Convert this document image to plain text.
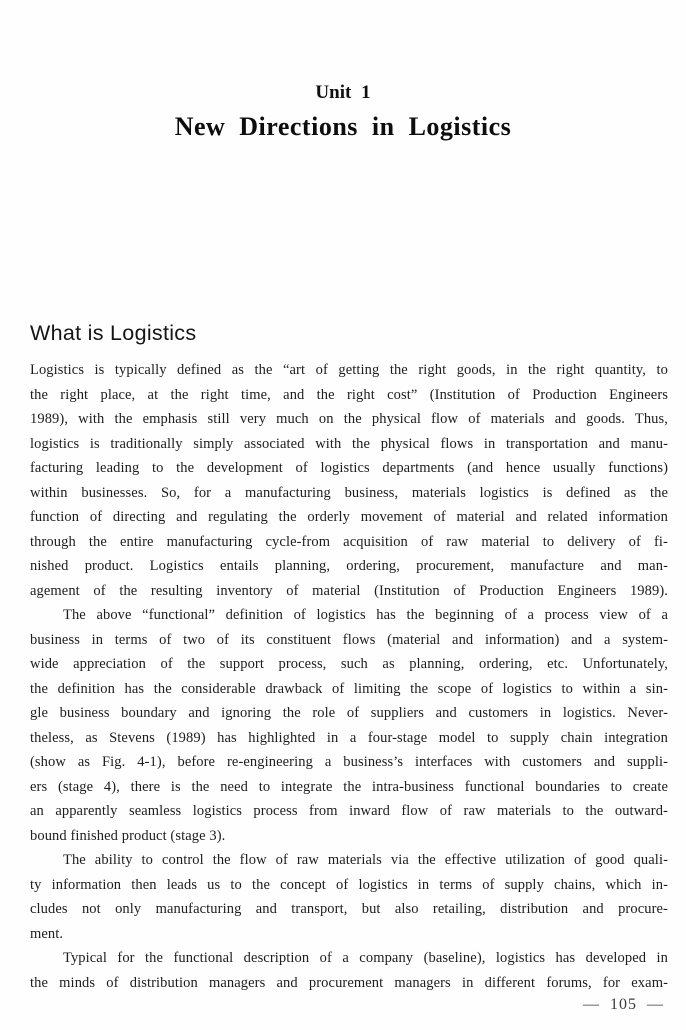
Unit 1
New Directions in Logistics
What is Logistics
Logistics is typically defined as the “art of getting the right goods, in the right quantity, to
the right place, at the right time, and the right cost” (Institution of Production Engineers
1989), with the emphasis still very much on the physical flow of materials and goods. Thus,
logistics is traditionally simply associated with the physical flows in transportation and manu-
facturing leading to the development of logistics departments (and hence usually functions)
within businesses. So, for a manufacturing business, materials logistics is defined as the
function of directing and regulating the orderly movement of material and related information
through the entire manufacturing cycle-from acquisition of raw material to delivery of fi-
nished product. Logistics entails planning, ordering, procurement, manufacture and man-
agement of the resulting inventory of material (Institution of Production Engineers 1989).
The above “functional” definition of logistics has the beginning of a process view of a
business in terms of two of its constituent flows (material and information) and a system-
wide appreciation of the support process, such as planning, ordering, etc. Unfortunately,
the definition has the considerable drawback of limiting the scope of logistics to within a sin-
gle business boundary and ignoring the role of suppliers and customers in logistics. Never-
theless, as Stevens (1989) has highlighted in a four-stage model to supply chain integration
(show as Fig. 4-1), before re-engineering a business’s interfaces with customers and suppli-
ers (stage 4), there is the need to integrate the intra-business functional boundaries to create
an apparently seamless logistics process from inward flow of raw materials to the outward-
bound finished product (stage 3).
The ability to control the flow of raw materials via the effective utilization of good quali-
ty information then leads us to the concept of logistics in terms of supply chains, which in-
cludes not only manufacturing and transport, but also retailing, distribution and procure-
ment.
Typical for the functional description of a company (baseline), logistics has developed in
the minds of distribution managers and procurement managers in different forums, for exam-
—  105  —
